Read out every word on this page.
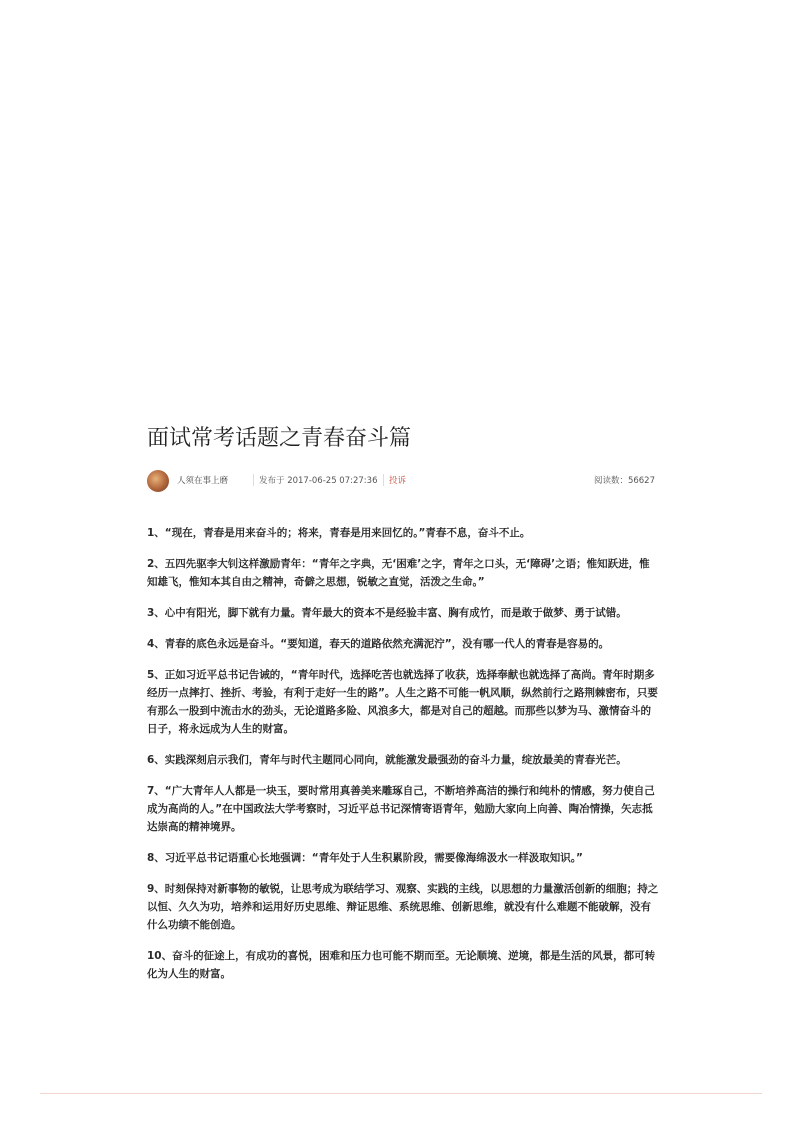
面试常考话题之青春奋斗篇
人须在事上磨	发布于 2017-06-25 07:27:36 投诉	阅读数：56627

1、“现在，青春是用来奋斗的；将来，青春是用来回忆的。”青春不息，奋斗不止。

2、五四先驱李大钊这样激励青年：“青年之字典，无‘困难’之字，青年之口头，无‘障碍’之语；惟知跃进，惟知雄飞，惟知本其自由之精神，奇僻之思想，锐敏之直觉，活泼之生命。”

3、心中有阳光，脚下就有力量。青年最大的资本不是经验丰富、胸有成竹，而是敢于做梦、勇于试错。

4、青春的底色永远是奋斗。“要知道，春天的道路依然充满泥泞”，没有哪一代人的青春是容易的。

5、正如习近平总书记告诫的，“青年时代，选择吃苦也就选择了收获，选择奉献也就选择了高尚。青年时期多经历一点摔打、挫折、考验，有利于走好一生的路”。人生之路不可能一帆风顺，纵然前行之路荆棘密布，只要有那么一股到中流击水的劲头，无论道路多险、风浪多大，都是对自己的超越。而那些以梦为马、激情奋斗的日子，将永远成为人生的财富。

6、实践深刻启示我们，青年与时代主题同心同向，就能激发最强劲的奋斗力量，绽放最美的青春光芒。

7、“广大青年人人都是一块玉，要时常用真善美来雕琢自己，不断培养高洁的操行和纯朴的情感，努力使自己成为高尚的人。”在中国政法大学考察时，习近平总书记深情寄语青年，勉励大家向上向善、陶冶情操，矢志抵达崇高的精神境界。

8、习近平总书记语重心长地强调：“青年处于人生积累阶段，需要像海绵汲水一样汲取知识。”

9、时刻保持对新事物的敏锐，让思考成为联结学习、观察、实践的主线，以思想的力量激活创新的细胞；持之以恒、久久为功，培养和运用好历史思维、辩证思维、系统思维、创新思维，就没有什么难题不能破解，没有什么功绩不能创造。

10、奋斗的征途上，有成功的喜悦，困难和压力也可能不期而至。无论顺境、逆境，都是生活的风景，都可转化为人生的财富。
